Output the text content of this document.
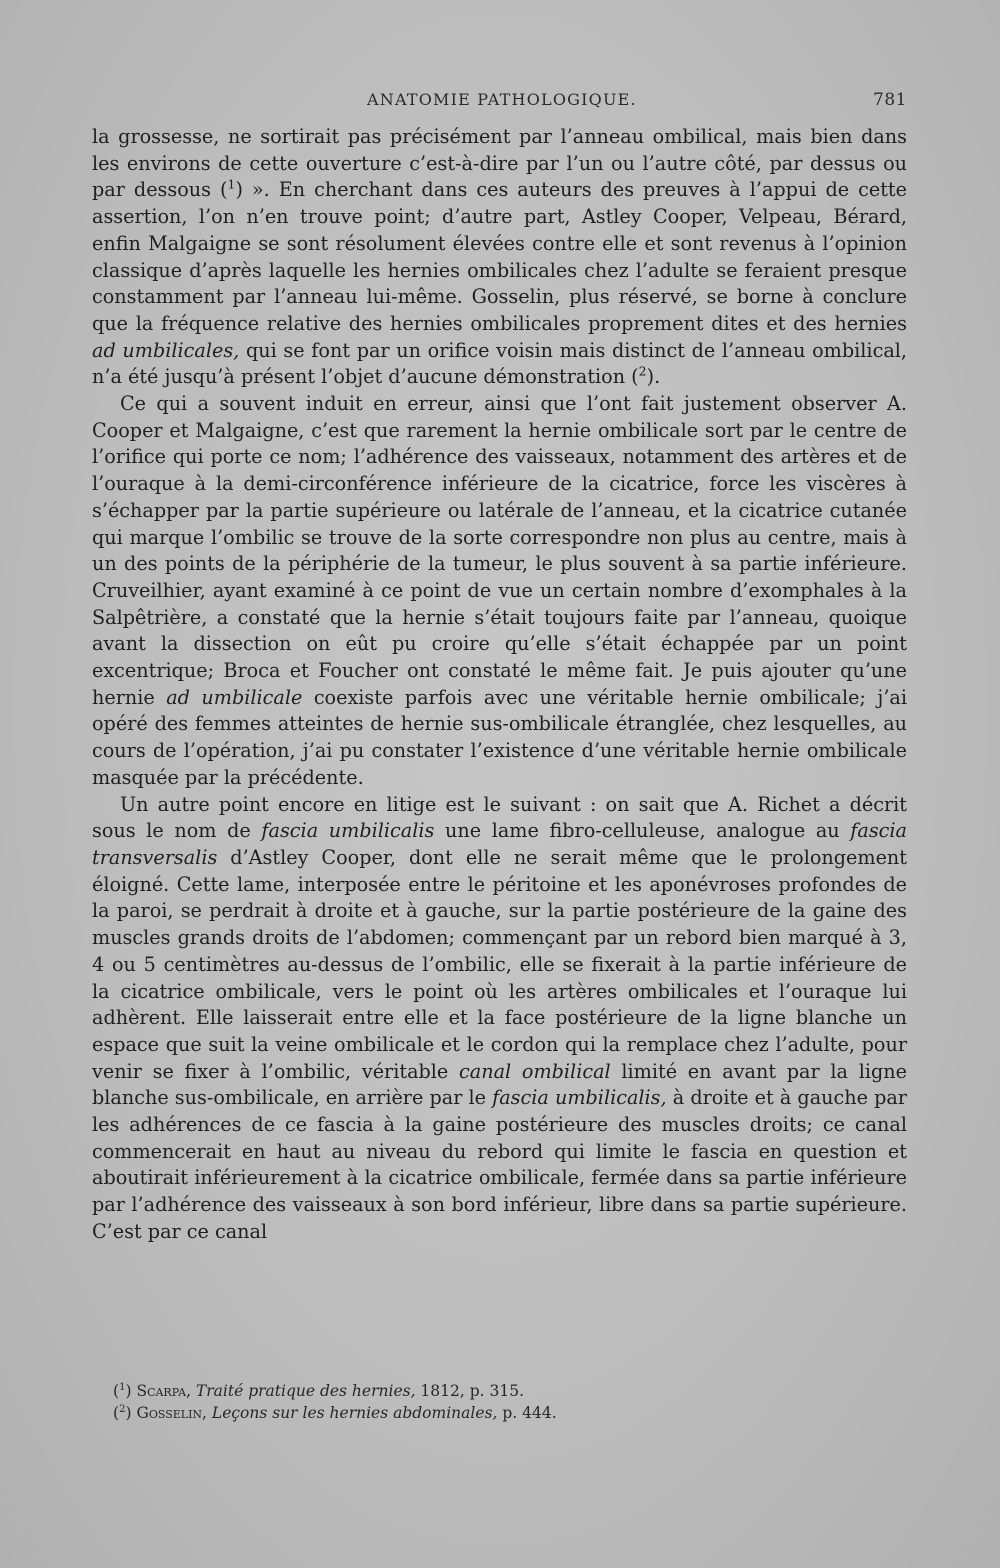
ANATOMIE PATHOLOGIQUE.	781

la grossesse, ne sortirait pas précisément par l’anneau ombilical, mais bien dans les environs de cette ouverture c’est-à-dire par l’un ou l’autre côté, par dessus ou par dessous ($^1$) ». En cherchant dans ces auteurs des preuves à l’appui de cette assertion, l’on n’en trouve point; d’autre part, Astley Cooper, Velpeau, Bérard, enfin Malgaigne se sont résolument élevées contre elle et sont revenus à l’opinion classique d’après laquelle les hernies ombilicales chez l’adulte se feraient presque constamment par l’anneau lui-même. Gosselin, plus réservé, se borne à conclure que la fréquence relative des hernies ombilicales proprement dites et des hernies ad umbilicales, qui se font par un orifice voisin mais distinct de l’anneau ombilical, n’a été jusqu’à présent l’objet d’aucune démonstration ($^2$).

Ce qui a souvent induit en erreur, ainsi que l’ont fait justement observer A. Cooper et Malgaigne, c’est que rarement la hernie ombilicale sort par le centre de l’orifice qui porte ce nom; l’adhérence des vaisseaux, notamment des artères et de l’ouraque à la demi-circonférence inférieure de la cicatrice, force les viscères à s’échapper par la partie supérieure ou latérale de l’anneau, et la cicatrice cutanée qui marque l’ombilic se trouve de la sorte correspondre non plus au centre, mais à un des points de la périphérie de la tumeur, le plus souvent à sa partie inférieure. Cruveilhier, ayant examiné à ce point de vue un certain nombre d’exomphales à la Salpêtrière, a constaté que la hernie s’était toujours faite par l’anneau, quoique avant la dissection on eût pu croire qu’elle s’était échappée par un point excentrique; Broca et Foucher ont constaté le même fait. Je puis ajouter qu’une hernie ad umbilicale coexiste parfois avec une véritable hernie ombilicale; j’ai opéré des femmes atteintes de hernie sus-ombilicale étranglée, chez lesquelles, au cours de l’opération, j’ai pu constater l’existence d’une véritable hernie ombilicale masquée par la précédente.

Un autre point encore en litige est le suivant : on sait que A. Richet a décrit sous le nom de fascia umbilicalis une lame fibro-celluleuse, analogue au fascia transversalis d’Astley Cooper, dont elle ne serait même que le prolongement éloigné. Cette lame, interposée entre le péritoine et les aponévroses profondes de la paroi, se perdrait à droite et à gauche, sur la partie postérieure de la gaine des muscles grands droits de l’abdomen; commençant par un rebord bien marqué à 3, 4 ou 5 centimètres au-dessus de l’ombilic, elle se fixerait à la partie inférieure de la cicatrice ombilicale, vers le point où les artères ombilicales et l’ouraque lui adhèrent. Elle laisserait entre elle et la face postérieure de la ligne blanche un espace que suit la veine ombilicale et le cordon qui la remplace chez l’adulte, pour venir se fixer à l’ombilic, véritable canal ombilical limité en avant par la ligne blanche sus-ombilicale, en arrière par le fascia umbilicalis, à droite et à gauche par les adhérences de ce fascia à la gaine postérieure des muscles droits; ce canal commencerait en haut au niveau du rebord qui limite le fascia en question et aboutirait inférieurement à la cicatrice ombilicale, fermée dans sa partie inférieure par l’adhérence des vaisseaux à son bord inférieur, libre dans sa partie supérieure. C’est par ce canal

($^1$) Scarpa, Traité pratique des hernies, 1812, p. 315.

($^2$) Gosselin, Leçons sur les hernies abdominales, p. 444.
